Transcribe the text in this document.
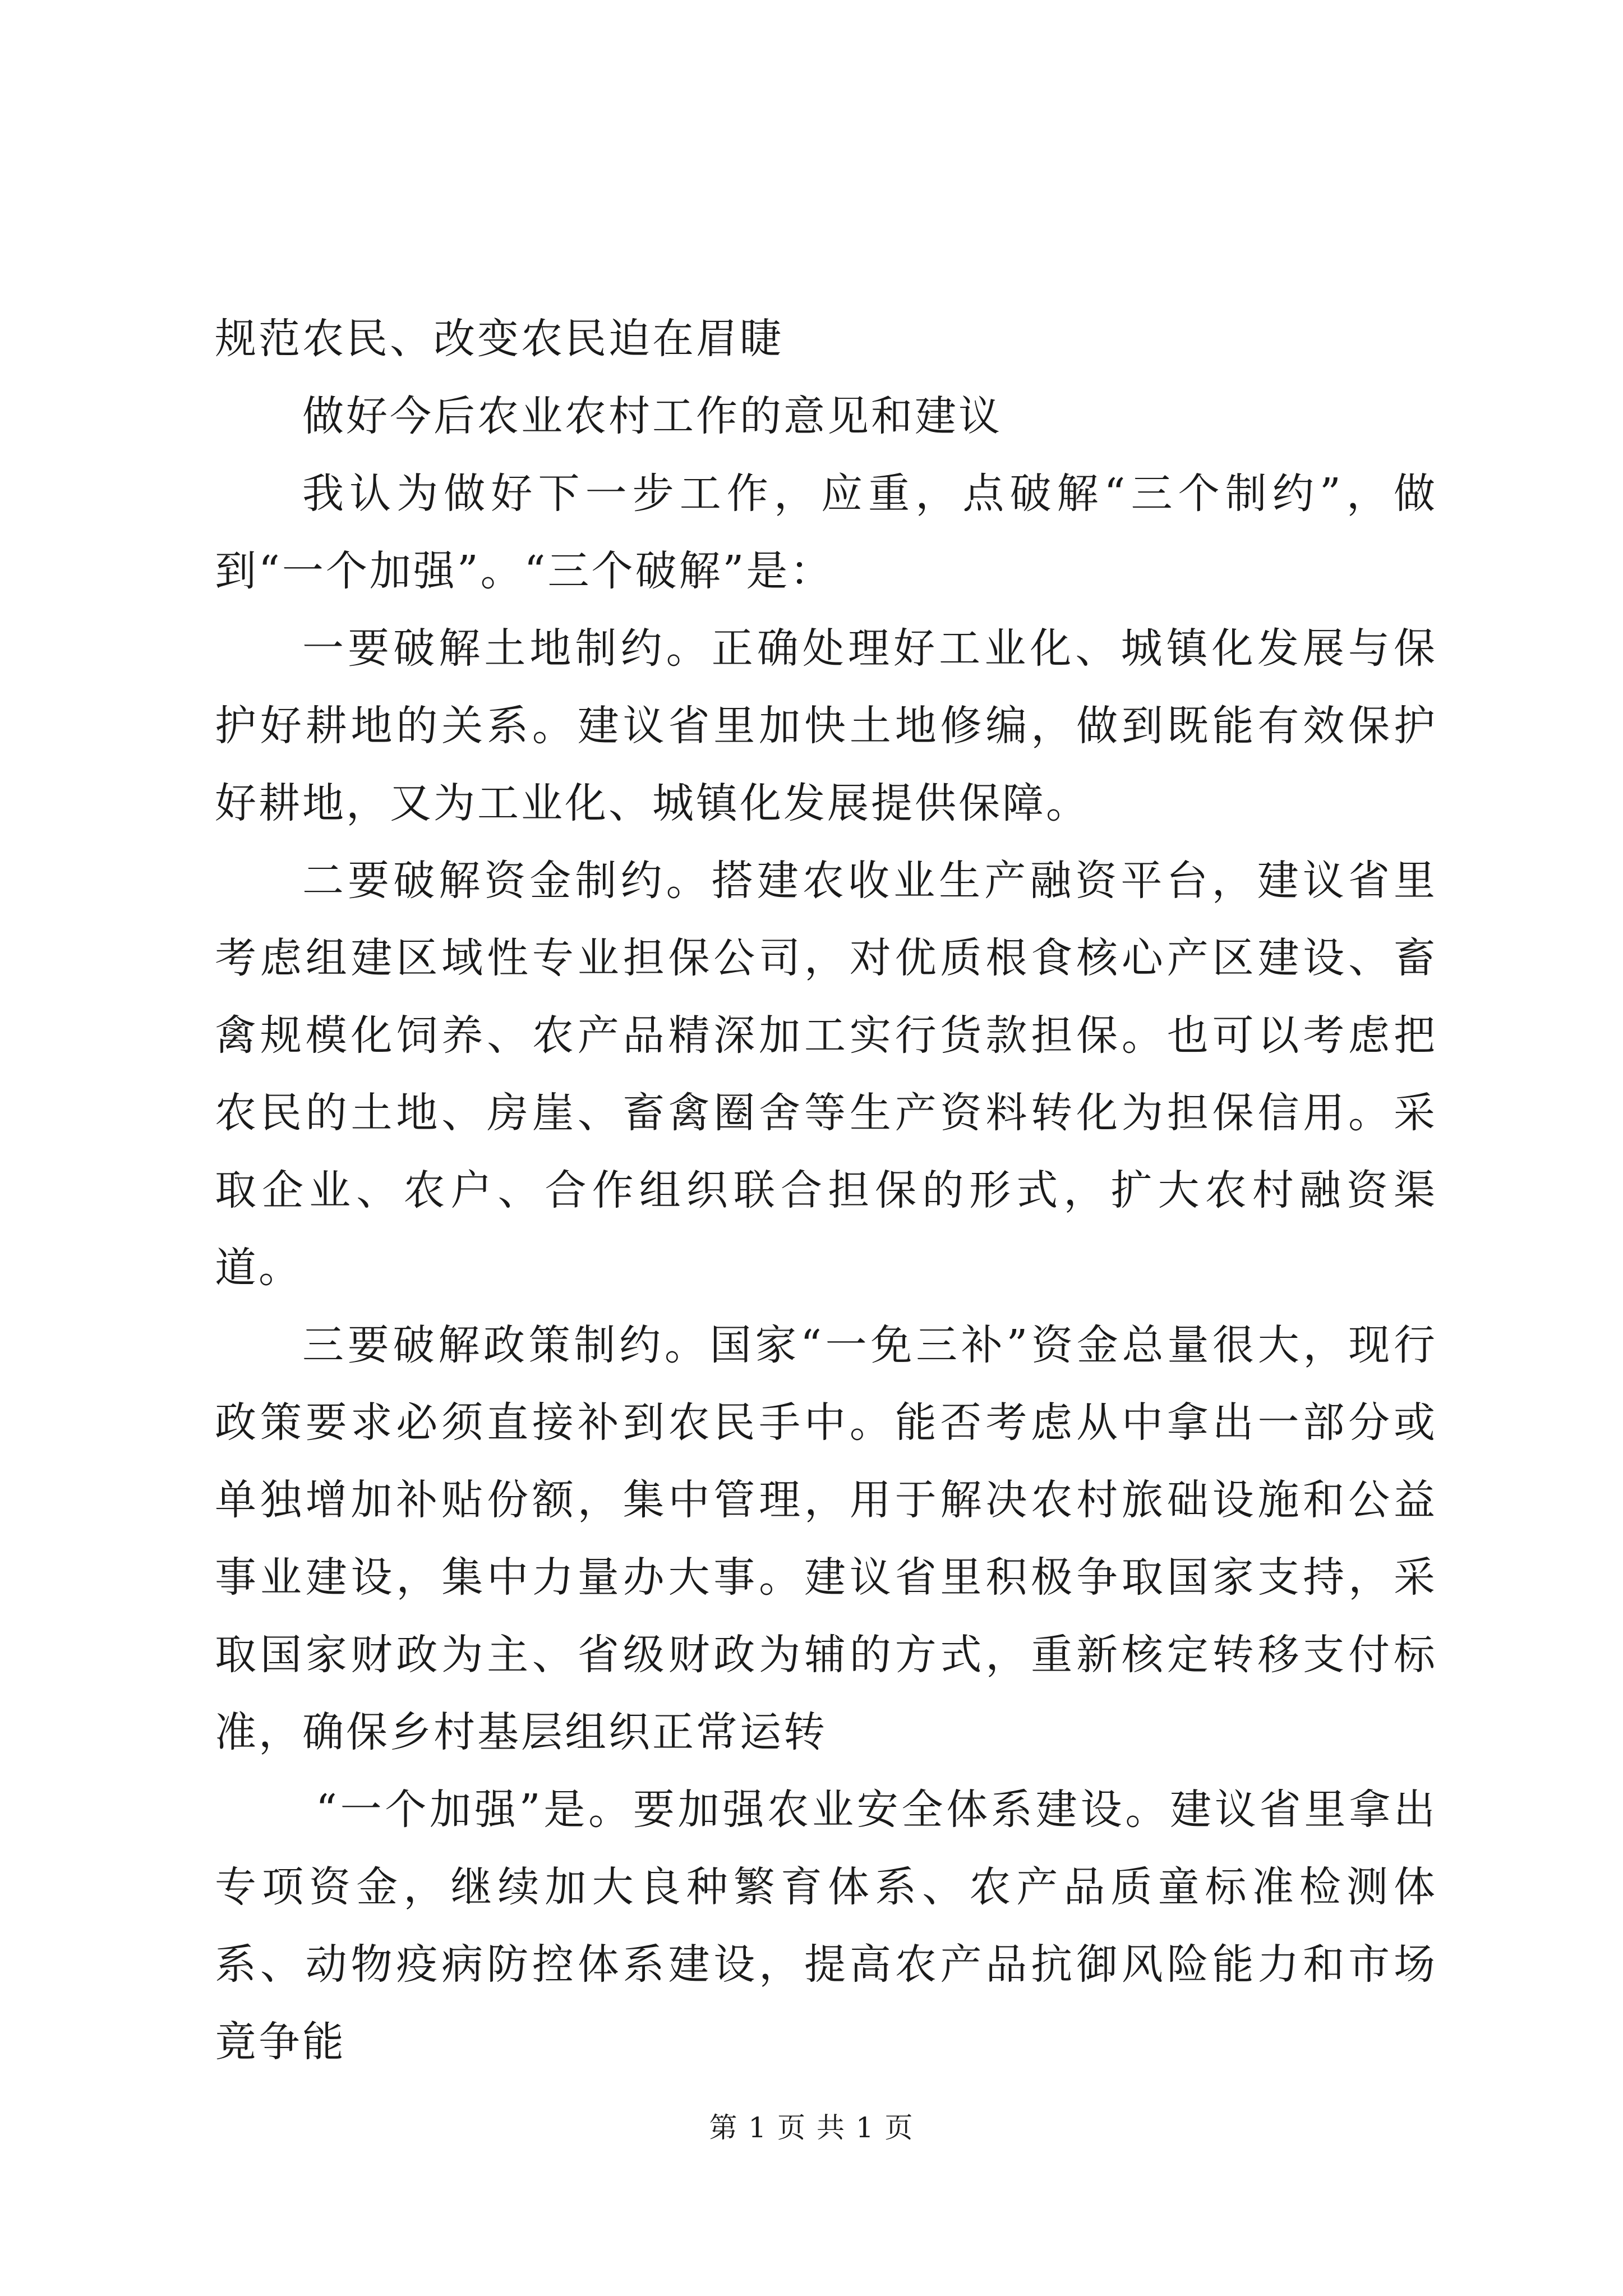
规范农民、改变农民迫在眉睫

做好今后农业农村工作的意见和建议

我认为做好下一步工作，应重，点破解“三个制约”，做到“一个加强”。“三个破解”是：

一要破解土地制约。正确处理好工业化、城镇化发展与保护好耕地的关系。建议省里加快土地修编，做到既能有效保护好耕地，又为工业化、城镇化发展提供保障。

二要破解资金制约。搭建农收业生产融资平台，建议省里考虑组建区域性专业担保公司，对优质根食核心产区建设、畜禽规模化饲养、农产品精深加工实行货款担保。也可以考虑把农民的土地、房崖、畜禽圈舍等生产资料转化为担保信用。采取企业、农户、合作组织联合担保的形式，扩大农村融资渠道。

三要破解政策制约。国家“一免三补”资金总量很大，现行政策要求必须直接补到农民手中。能否考虑从中拿出一部分或单独增加补贴份额，集中管理，用于解决农村旅础设施和公益事业建设，集中力量办大事。建议省里积极争取国家支持，采取国家财政为主、省级财政为辅的方式，重新核定转移支付标准，确保乡村基层组织正常运转

“一个加强”是。要加强农业安全体系建设。建议省里拿出专项资金，继续加大良种繁育体系、农产品质童标准检测体系、动物疫病防控体系建设，提高农产品抗御风险能力和市场竟争能

第 1 页 共 1 页
